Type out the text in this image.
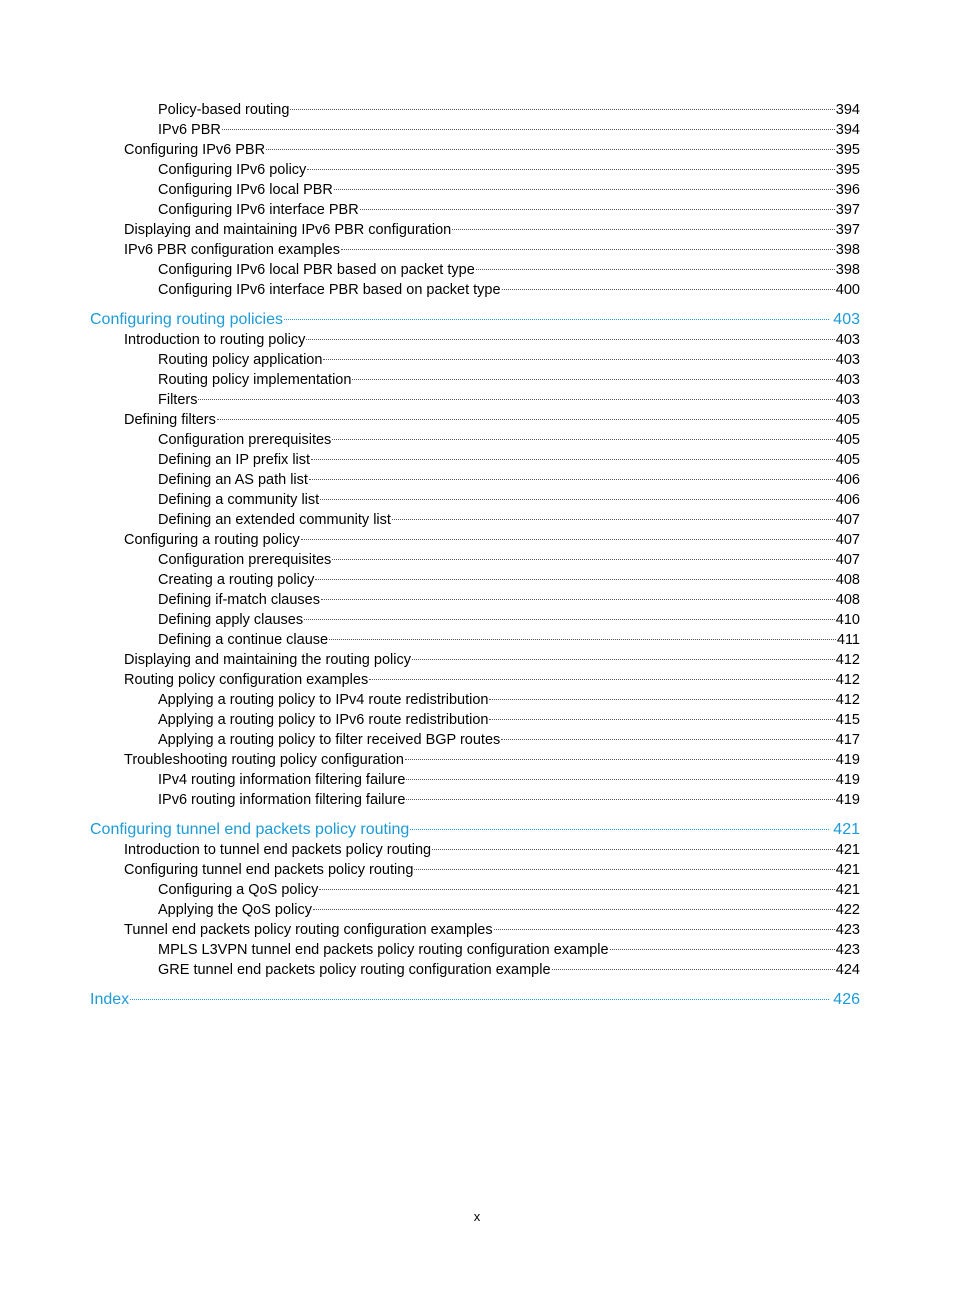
Policy-based routing	394
IPv6 PBR	394
Configuring IPv6 PBR	395
Configuring IPv6 policy	395
Configuring IPv6 local PBR	396
Configuring IPv6 interface PBR	397
Displaying and maintaining IPv6 PBR configuration	397
IPv6 PBR configuration examples	398
Configuring IPv6 local PBR based on packet type	398
Configuring IPv6 interface PBR based on packet type	400
Configuring routing policies	403
Introduction to routing policy	403
Routing policy application	403
Routing policy implementation	403
Filters	403
Defining filters	405
Configuration prerequisites	405
Defining an IP prefix list	405
Defining an AS path list	406
Defining a community list	406
Defining an extended community list	407
Configuring a routing policy	407
Configuration prerequisites	407
Creating a routing policy	408
Defining if-match clauses	408
Defining apply clauses	410
Defining a continue clause	411
Displaying and maintaining the routing policy	412
Routing policy configuration examples	412
Applying a routing policy to IPv4 route redistribution	412
Applying a routing policy to IPv6 route redistribution	415
Applying a routing policy to filter received BGP routes	417
Troubleshooting routing policy configuration	419
IPv4 routing information filtering failure	419
IPv6 routing information filtering failure	419
Configuring tunnel end packets policy routing	421
Introduction to tunnel end packets policy routing	421
Configuring tunnel end packets policy routing	421
Configuring a QoS policy	421
Applying the QoS policy	422
Tunnel end packets policy routing configuration examples	423
MPLS L3VPN tunnel end packets policy routing configuration example	423
GRE tunnel end packets policy routing configuration example	424
Index	426
x
